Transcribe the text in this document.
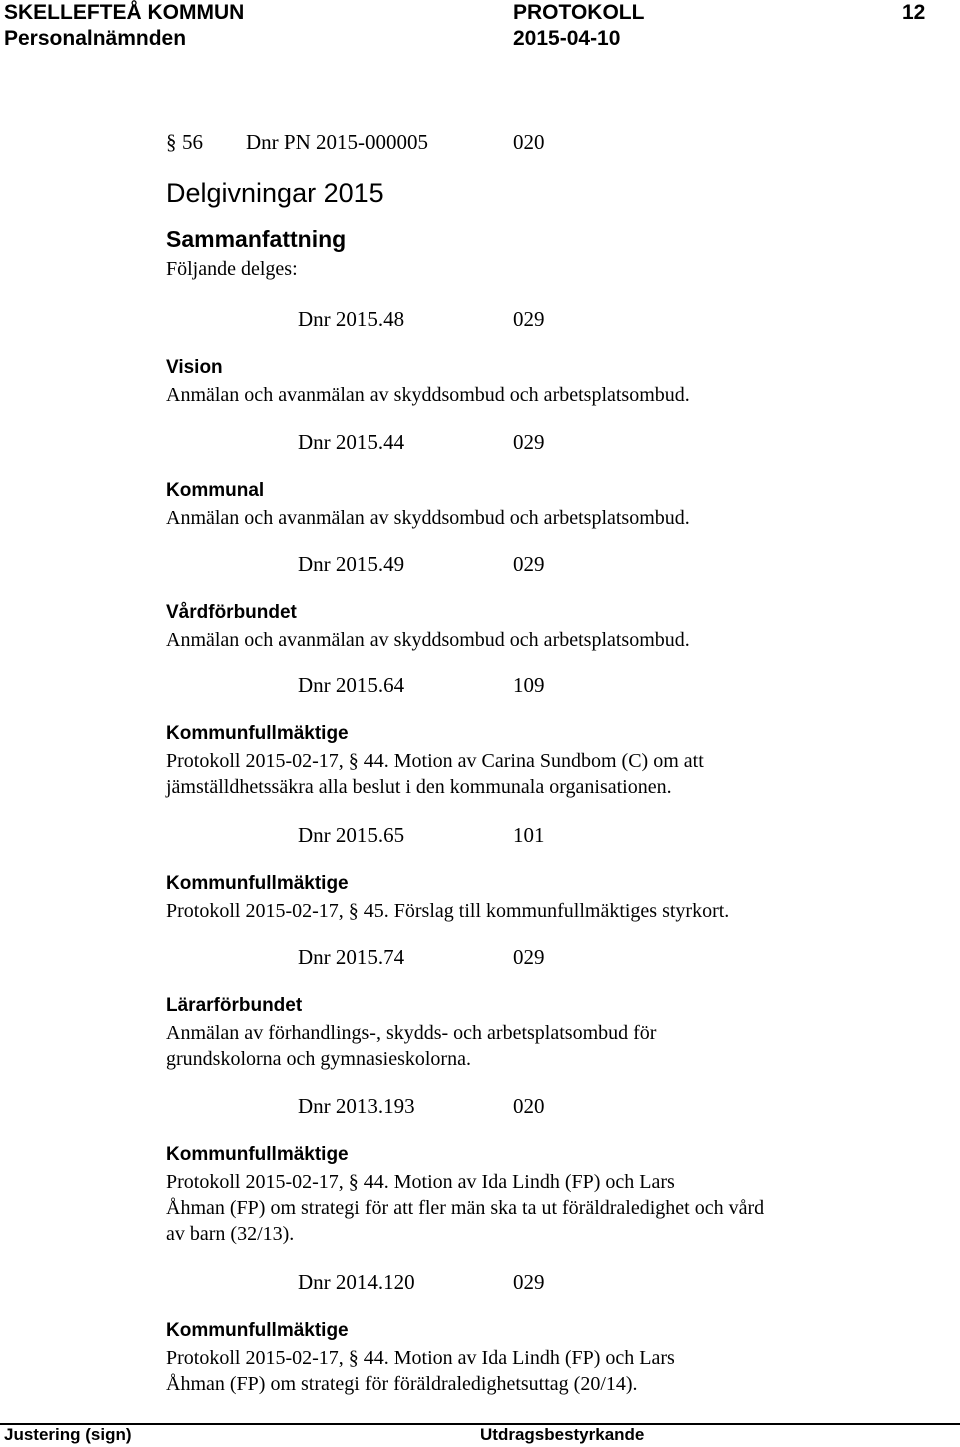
SKELLEFTEÅ KOMMUN	PROTOKOLL	12
Personalnämnden	2015-04-10
§ 56 Dnr PN 2015-000005	020
Delgivningar 2015
Sammanfattning
Följande delges:
Dnr 2015.48	029
Vision
Anmälan och avanmälan av skyddsombud och arbetsplatsombud.
Dnr 2015.44	029
Kommunal
Anmälan och avanmälan av skyddsombud och arbetsplatsombud.
Dnr 2015.49	029
Vårdförbundet
Anmälan och avanmälan av skyddsombud och arbetsplatsombud.
Dnr 2015.64	109
Kommunfullmäktige
Protokoll 2015-02-17, § 44. Motion av Carina Sundbom (C) om att
jämställdhetssäkra alla beslut i den kommunala organisationen.
Dnr 2015.65	101
Kommunfullmäktige
Protokoll 2015-02-17, § 45. Förslag till kommunfullmäktiges styrkort.
Dnr 2015.74	029
Lärarförbundet
Anmälan av förhandlings-, skydds- och arbetsplatsombud för
grundskolorna och gymnasieskolorna.
Dnr 2013.193	020
Kommunfullmäktige
Protokoll 2015-02-17, § 44. Motion av Ida Lindh (FP) och Lars
Åhman (FP) om strategi för att fler män ska ta ut föräldraledighet och vård
av barn (32/13).
Dnr 2014.120	029
Kommunfullmäktige
Protokoll 2015-02-17, § 44. Motion av Ida Lindh (FP) och Lars
Åhman (FP) om strategi för föräldraledighetsuttag (20/14).
Justering (sign)	Utdragsbestyrkande
